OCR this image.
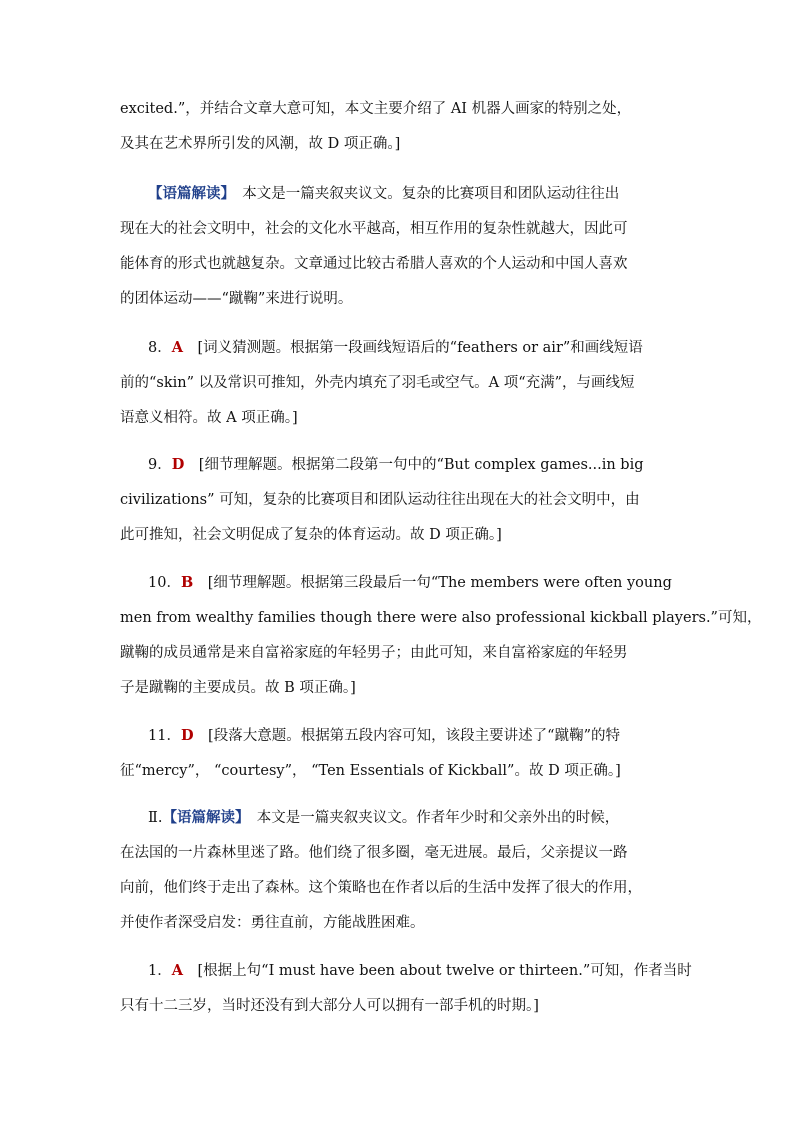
excited.”，并结合文章大意可知，本文主要介绍了 AI 机器人画家的特别之处，
及其在艺术界所引发的风潮，故 D 项正确。]
【语篇解读】　本文是一篇夹叙夹议文。复杂的比赛项目和团队运动往往出
现在大的社会文明中，社会的文化水平越高，相互作用的复杂性就越大，因此可
能体育的形式也就越复杂。文章通过比较古希腊人喜欢的个人运动和中国人喜欢
的团体运动——“蹴鞠”来进行说明。
8．A　[词义猜测题。根据第一段画线短语后的“feathers or air”和画线短语
前的“skin” 以及常识可推知，外壳内填充了羽毛或空气。A 项“充满”，与画线短
语意义相符。故 A 项正确。]
9．D　[细节理解题。根据第二段第一句中的“But complex games...in big
civilizations” 可知，复杂的比赛项目和团队运动往往出现在大的社会文明中，由
此可推知，社会文明促成了复杂的体育运动。故 D 项正确。]
10．B　[细节理解题。根据第三段最后一句“The members were often young
men from wealthy families though there were also professional kickball players.”可知，
蹴鞠的成员通常是来自富裕家庭的年轻男子；由此可知，来自富裕家庭的年轻男
子是蹴鞠的主要成员。故 B 项正确。]
11．D　[段落大意题。根据第五段内容可知，该段主要讲述了“蹴鞠”的特
征“mercy”， “courtesy”， “Ten Essentials of Kickball”。故 D 项正确。]
Ⅱ.【语篇解读】　本文是一篇夹叙夹议文。作者年少时和父亲外出的时候，
在法国的一片森林里迷了路。他们绕了很多圈，毫无进展。最后，父亲提议一路
向前，他们终于走出了森林。这个策略也在作者以后的生活中发挥了很大的作用，
并使作者深受启发：勇往直前，方能战胜困难。
1．A　[根据上句“I must have been about twelve or thirteen.”可知，作者当时
只有十二三岁，当时还没有到大部分人可以拥有一部手机的时期。]
